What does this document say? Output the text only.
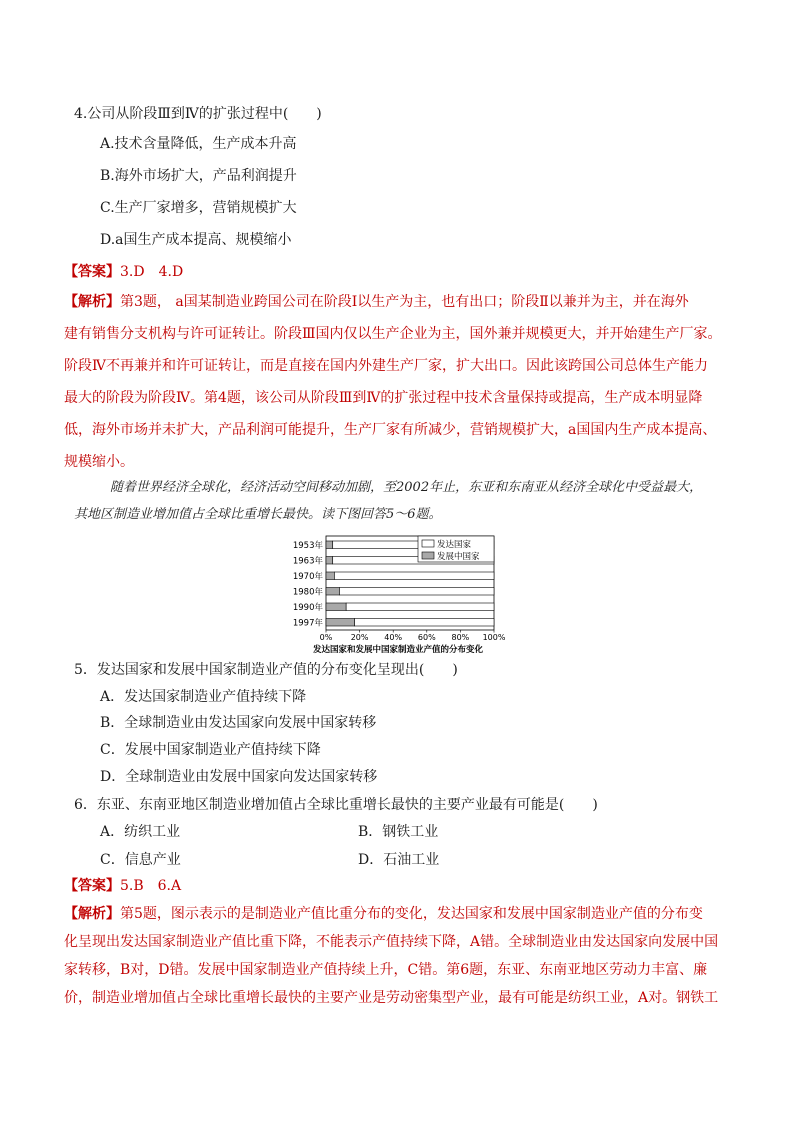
4.公司从阶段Ⅲ到Ⅳ的扩张过程中(　　)
A.技术含量降低，生产成本升高
B.海外市场扩大，产品利润提升
C.生产厂家增多，营销规模扩大
D.a国生产成本提高、规模缩小
【答案】3.D　4.D
【解析】第3题， a国某制造业跨国公司在阶段Ⅰ以生产为主，也有出口；阶段Ⅱ以兼并为主，并在海外
建有销售分支机构与许可证转让。阶段Ⅲ国内仅以生产企业为主，国外兼并规模更大，并开始建生产厂家。
阶段Ⅳ不再兼并和许可证转让，而是直接在国内外建生产厂家，扩大出口。因此该跨国公司总体生产能力
最大的阶段为阶段Ⅳ。第4题，该公司从阶段Ⅲ到Ⅳ的扩张过程中技术含量保持或提高，生产成本明显降
低，海外市场并未扩大，产品利润可能提升，生产厂家有所减少，营销规模扩大，a国国内生产成本提高、
规模缩小。
随着世界经济全球化，经济活动空间移动加剧，至2002年止，东亚和东南亚从经济全球化中受益最大，
其地区制造业增加值占全球比重增长最快。读下图回答5～6题。
1953年
1963年
1970年
1980年
1990年
1997年
0% 20% 40% 60% 80% 100%
发达国家
发展中国家
发达国家和发展中国家制造业产值的分布变化
5．发达国家和发展中国家制造业产值的分布变化呈现出(　　)
A．发达国家制造业产值持续下降
B．全球制造业由发达国家向发展中国家转移
C．发展中国家制造业产值持续下降
D．全球制造业由发展中国家向发达国家转移
6．东亚、东南亚地区制造业增加值占全球比重增长最快的主要产业最有可能是(　　)
A．纺织工业	B．钢铁工业
C．信息产业	D．石油工业
【答案】5.B　6.A
【解析】第5题，图示表示的是制造业产值比重分布的变化，发达国家和发展中国家制造业产值的分布变
化呈现出发达国家制造业产值比重下降，不能表示产值持续下降，A错。全球制造业由发达国家向发展中国
家转移，B对，D错。发展中国家制造业产值持续上升，C错。第6题，东亚、东南亚地区劳动力丰富、廉
价，制造业增加值占全球比重增长最快的主要产业是劳动密集型产业，最有可能是纺织工业，A对。钢铁工
